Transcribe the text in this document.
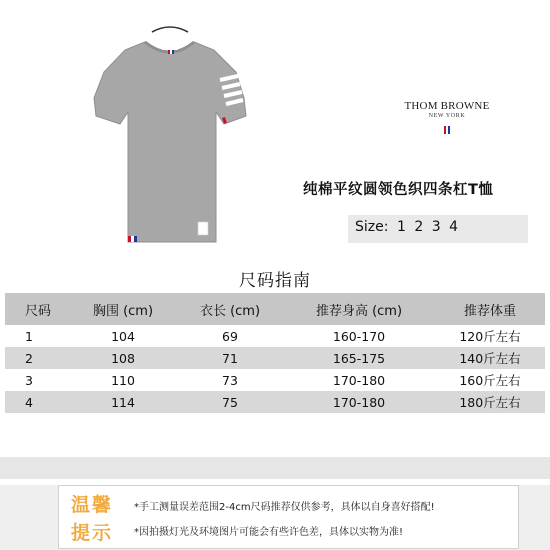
THOM BROWNE
NEW YORK
纯棉平纹圆领色织四条杠T恤
Size: 1 2 3 4
尺码指南
尺码	胸围 (cm)	衣长 (cm)	推荐身高 (cm)	推荐体重
1	104	69	160-170	120斤左右
2	108	71	165-175	140斤左右
3	110	73	170-180	160斤左右
4	114	75	170-180	180斤左右
温馨
提示
*手工测量误差范围2-4cm尺码推荐仅供参考，具体以自身喜好搭配!
*因拍摄灯光及环境图片可能会有些许色差，具体以实物为准!
